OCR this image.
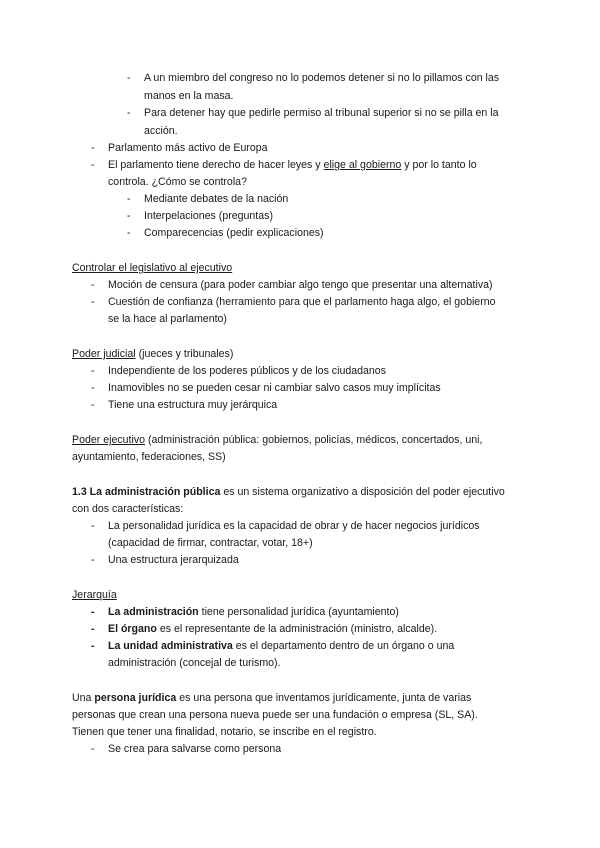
- A un miembro del congreso no lo podemos detener si no lo pillamos con las
manos en la masa.
- Para detener hay que pedirle permiso al tribunal superior si no se pilla en la
acción.
- Parlamento más activo de Europa
- El parlamento tiene derecho de hacer leyes y elige al gobierno y por lo tanto lo
controla. ¿Cómo se controla?
- Mediante debates de la nación
- Interpelaciones (preguntas)
- Comparecencias (pedir explicaciones)
Controlar el legislativo al ejecutivo
- Moción de censura (para poder cambiar algo tengo que presentar una alternativa)
- Cuestión de confianza (herramiento para que el parlamento haga algo, el gobierno
se la hace al parlamento)
Poder judicial (jueces y tribunales)
- Independiente de los poderes públicos y de los ciudadanos
- Inamovibles no se pueden cesar ni cambiar salvo casos muy implícitas
- Tiene una estructura muy jerárquica
Poder ejecutivo (administración pública: gobiernos, policías, médicos, concertados, uni,
ayuntamiento, federaciones, SS)
1.3 La administración pública es un sistema organizativo a disposición del poder ejecutivo
con dos características:
- La personalidad jurídica es la capacidad de obrar y de hacer negocios jurídicos
(capacidad de firmar, contractar, votar, 18+)
- Una estructura jerarquizada
Jerarquía
- La administración tiene personalidad jurídica (ayuntamiento)
- El órgano es el representante de la administración (ministro, alcalde).
- La unidad administrativa es el departamento dentro de un órgano o una
administración (concejal de turismo).
Una persona jurídica es una persona que inventamos jurídicamente, junta de varias
personas que crean una persona nueva puede ser una fundación o empresa (SL, SA).
Tienen que tener una finalidad, notario, se inscribe en el registro.
- Se crea para salvarse como persona
